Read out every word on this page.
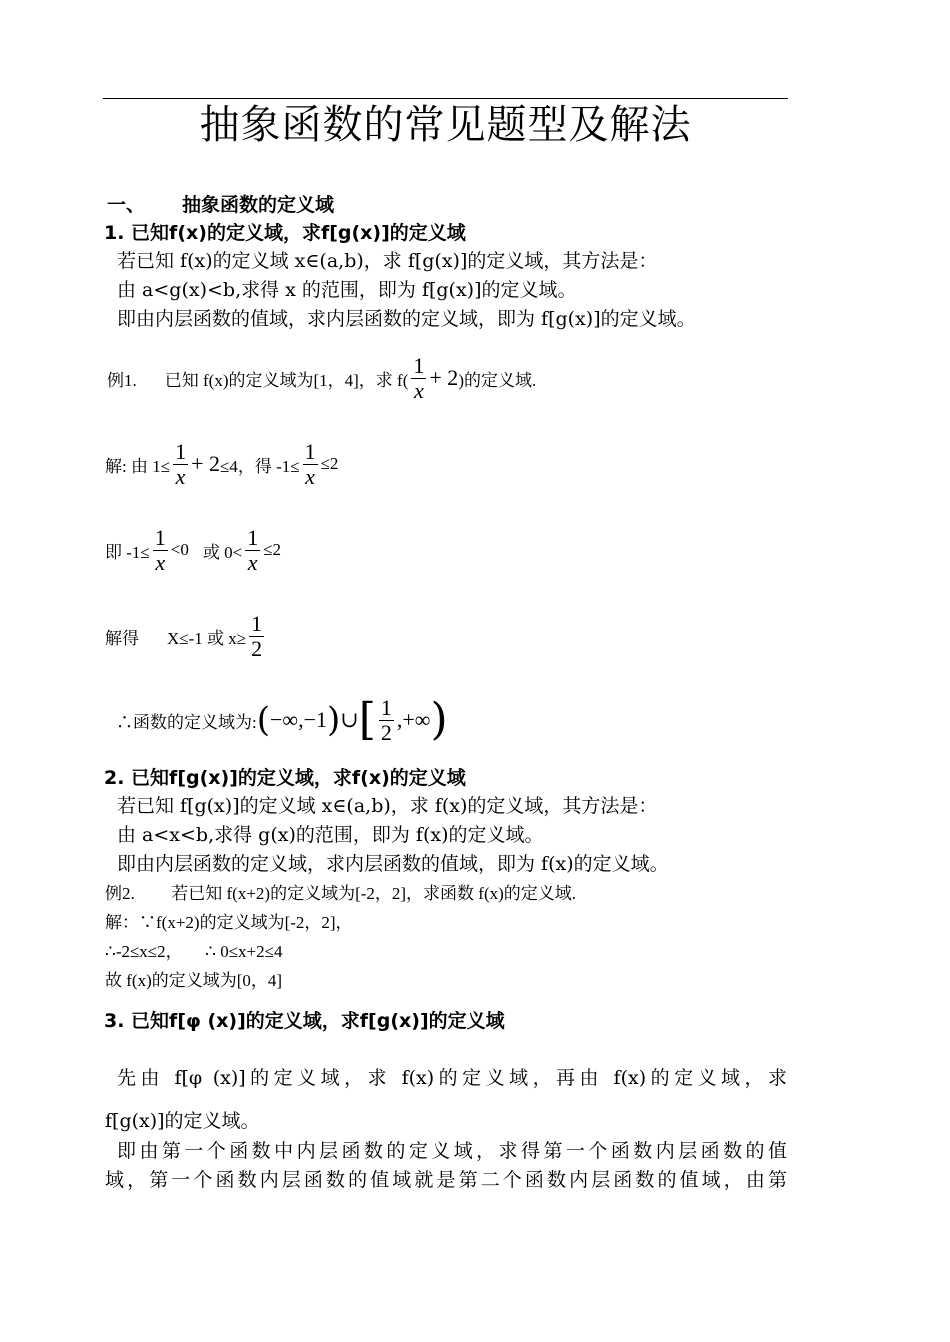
抽象函数的常见题型及解法
一、 抽象函数的定义域
1. 已知f(x)的定义域，求f[g(x)]的定义域
若已知 f(x)的定义域 x∈(a,b)，求 f[g(x)]的定义域，其方法是：
由 a<g(x)<b,求得 x 的范围，即为 f[g(x)]的定义域。
即由内层函数的值域，求内层函数的定义域，即为 f[g(x)]的定义域。
例1. 已知 f(x)的定义域为[1，4]，求 $f( \frac{1}{x} + 2$ )的定义域.
解: 由 $1\le \frac{1}{x} + 2 \le 4$，得 $-1\le \frac{1}{x} \le 2$
即 $-1\le \frac{1}{x} <0$ 或 $0< \frac{1}{x} \le 2$
解得 X≤-1 或 $x\ge \frac{1}{2}$
∴函数的定义域为: ( −∞,−1 ) ∪ [ $\frac{1}{2}$ ,+∞ )
2. 已知f[g(x)]的定义域，求f(x)的定义域
若已知 f[g(x)]的定义域 x∈(a,b)，求 f(x)的定义域，其方法是：
由 a<x<b,求得 g(x)的范围，即为 f(x)的定义域。
即由内层函数的定义域，求内层函数的值域，即为 f(x)的定义域。
例2. 若已知 f(x+2)的定义域为[-2，2]，求函数 f(x)的定义域.
解：∵f(x+2)的定义域为[-2，2]，
∴-2≤x≤2， ∴ 0≤x+2≤4
故 f(x)的定义域为[0，4]
3. 已知f[φ (x)]的定义域，求f[g(x)]的定义域
先由 f[φ (x)]的定义域，求 f(x)的定义域，再由 f(x)的定义域，求
f[g(x)]的定义域。
即由第一个函数中内层函数的定义域，求得第一个函数内层函数的值
域，第一个函数内层函数的值域就是第二个函数内层函数的值域，由第
